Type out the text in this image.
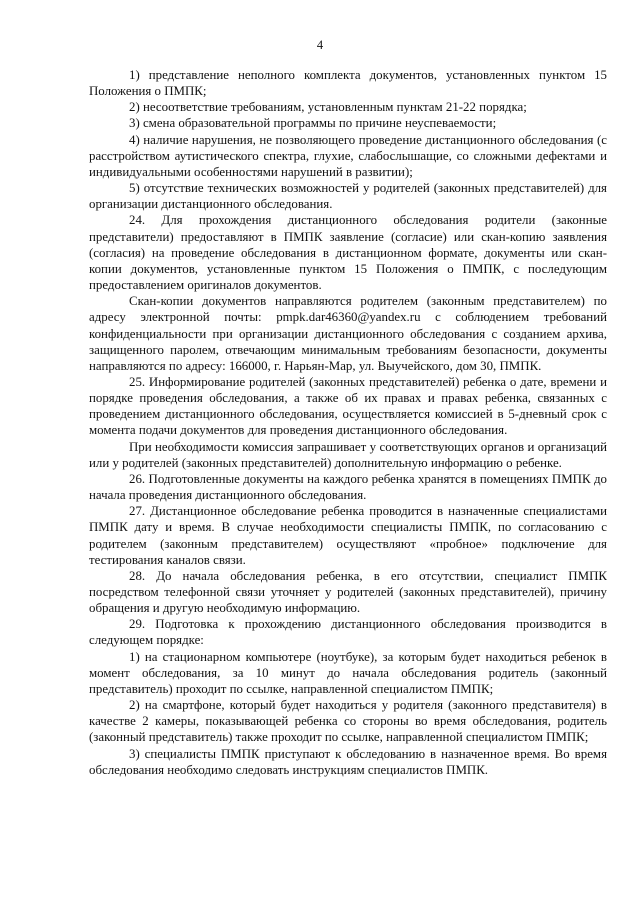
4

1) представление неполного комплекта документов, установленных пунктом 15 Положения о ПМПК;

2) несоответствие требованиям, установленным пунктам 21-22 порядка;

3) смена образовательной программы по причине неуспеваемости;

4) наличие нарушения, не позволяющего проведение дистанционного обследования (с расстройством аутистического спектра, глухие, слабослышащие, со сложными дефектами и индивидуальными особенностями нарушений в развитии);

5) отсутствие технических возможностей у родителей (законных представителей) для организации дистанционного обследования.

24. Для прохождения дистанционного обследования родители (законные представители) предоставляют в ПМПК заявление (согласие) или скан-копию заявления (согласия) на проведение обследования в дистанционном формате, документы или скан-копии документов, установленные пунктом 15 Положения о ПМПК, с последующим предоставлением оригиналов документов.

Скан-копии документов направляются родителем (законным представителем) по адресу электронной почты: pmpk.dar46360@yandex.ru с соблюдением требований конфиденциальности при организации дистанционного обследования с созданием архива, защищенного паролем, отвечающим минимальным требованиям безопасности, документы направляются по адресу: 166000, г. Нарьян-Мар, ул. Выучейского, дом 30, ПМПК.

25. Информирование родителей (законных представителей) ребенка о дате, времени и порядке проведения обследования, а также об их правах и правах ребенка, связанных с проведением дистанционного обследования, осуществляется комиссией в 5-дневный срок с момента подачи документов для проведения дистанционного обследования.

При необходимости комиссия запрашивает у соответствующих органов и организаций или у родителей (законных представителей) дополнительную информацию о ребенке.

26. Подготовленные документы на каждого ребенка хранятся в помещениях ПМПК до начала проведения дистанционного обследования.

27. Дистанционное обследование ребенка проводится в назначенные специалистами ПМПК дату и время. В случае необходимости специалисты ПМПК, по согласованию с родителем (законным представителем) осуществляют «пробное» подключение для тестирования каналов связи.

28. До начала обследования ребенка, в его отсутствии, специалист ПМПК посредством телефонной связи уточняет у родителей (законных представителей), причину обращения и другую необходимую информацию.

29. Подготовка к прохождению дистанционного обследования производится в следующем порядке:

1) на стационарном компьютере (ноутбуке), за которым будет находиться ребенок в момент обследования, за 10 минут до начала обследования родитель (законный представитель) проходит по ссылке, направленной специалистом ПМПК;

2) на смартфоне, который будет находиться у родителя (законного представителя) в качестве 2 камеры, показывающей ребенка со стороны во время обследования, родитель (законный представитель) также проходит по ссылке, направленной специалистом ПМПК;

3) специалисты ПМПК приступают к обследованию в назначенное время. Во время обследования необходимо следовать инструкциям специалистов ПМПК.
